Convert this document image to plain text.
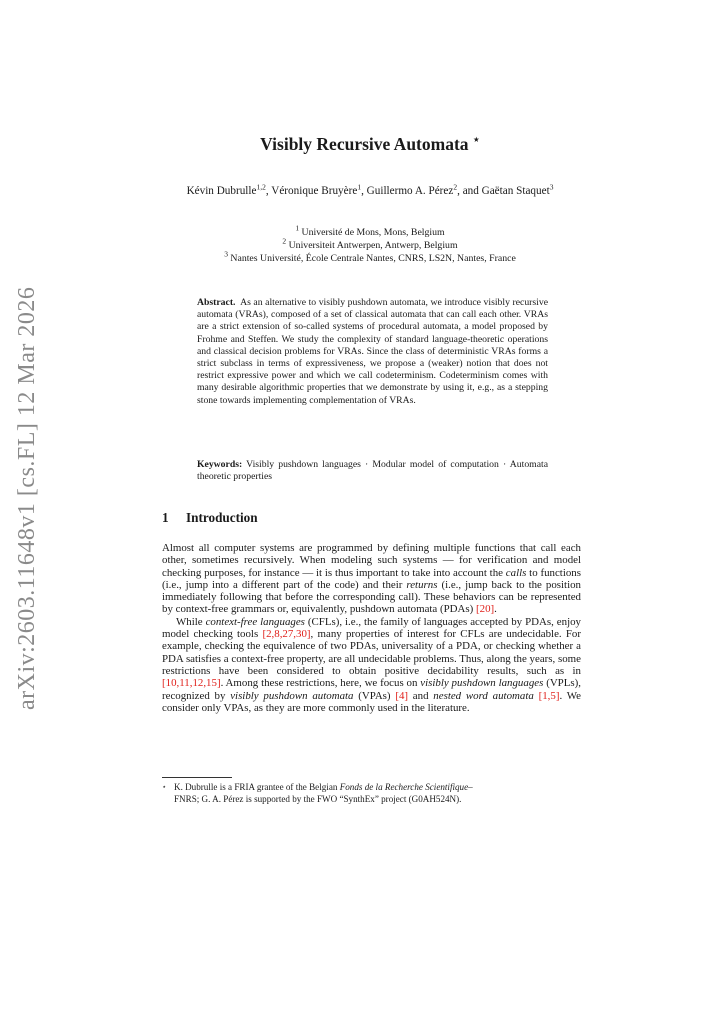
arXiv:2603.11648v1 [cs.FL] 12 Mar 2026
Visibly Recursive Automata ⋆
Kévin Dubrulle$^{1,2}$, Véronique Bruyère$^1$, Guillermo A. Pérez$^2$, and Gaëtan Staquet$^3$
$^1$ Université de Mons, Mons, Belgium
$^2$ Universiteit Antwerpen, Antwerp, Belgium
$^3$ Nantes Université, École Centrale Nantes, CNRS, LS2N, Nantes, France
Abstract. As an alternative to visibly pushdown automata, we introduce visibly recursive automata (VRAs), composed of a set of classical automata that can call each other. VRAs are a strict extension of so-called systems of procedural automata, a model proposed by Frohme and Steffen. We study the complexity of standard language-theoretic operations and classical decision problems for VRAs. Since the class of deterministic VRAs forms a strict subclass in terms of expressiveness, we propose a (weaker) notion that does not restrict expressive power and which we call codeterminism. Codeterminism comes with many desirable algorithmic properties that we demonstrate by using it, e.g., as a stepping stone towards implementing complementation of VRAs.
Keywords: Visibly pushdown languages · Modular model of computation · Automata theoretic properties
1 Introduction

Almost all computer systems are programmed by defining multiple functions that call each other, sometimes recursively. When modeling such systems — for verification and model checking purposes, for instance — it is thus important to take into account the calls to functions (i.e., jump into a different part of the code) and their returns (i.e., jump back to the position immediately following that before the corresponding call). These behaviors can be represented by context-free grammars or, equivalently, pushdown automata (PDAs) [20].

While context-free languages (CFLs), i.e., the family of languages accepted by PDAs, enjoy model checking tools [2,8,27,30], many properties of interest for CFLs are undecidable. For example, checking the equivalence of two PDAs, universality of a PDA, or checking whether a PDA satisfies a context-free property, are all undecidable problems. Thus, along the years, some restrictions have been considered to obtain positive decidability results, such as in [10,11,12,15]. Among these restrictions, here, we focus on visibly pushdown languages (VPLs), recognized by visibly pushdown automata (VPAs) [4] and nested word automata [1,5]. We consider only VPAs, as they are more commonly used in the literature.

⋆ K. Dubrulle is a FRIA grantee of the Belgian Fonds de la Recherche Scientifique–
FNRS; G. A. Pérez is supported by the FWO “SynthEx” project (G0AH524N).
